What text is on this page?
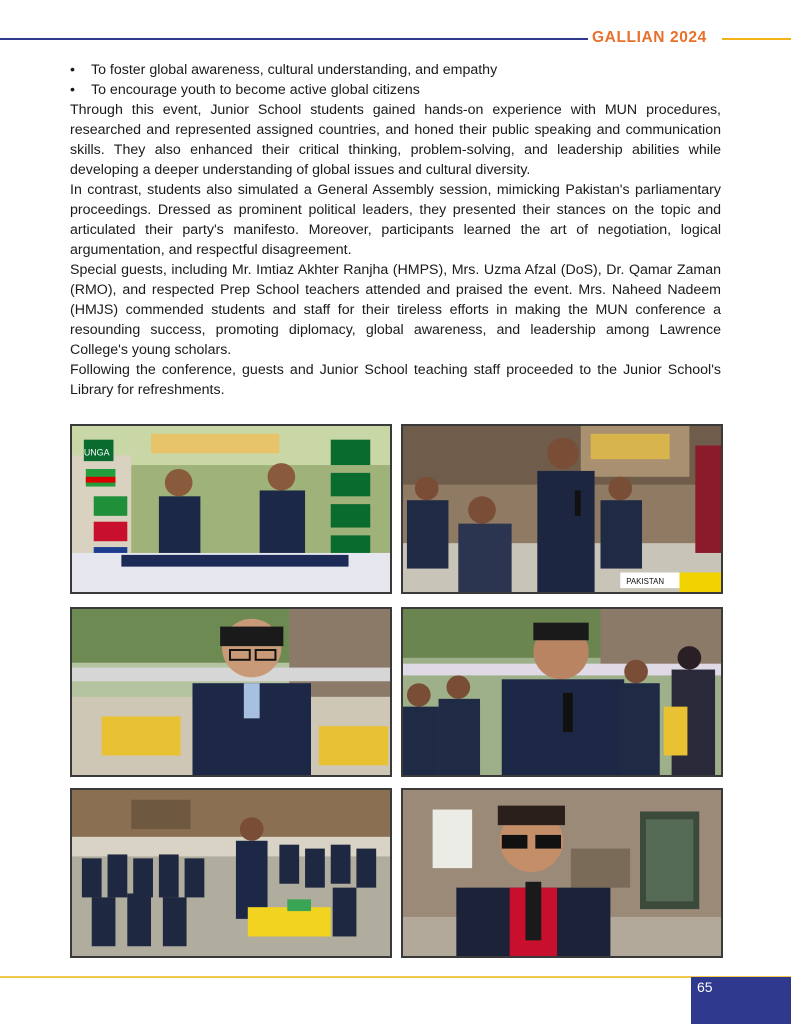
GALLIAN 2024
•	To foster global awareness, cultural understanding, and empathy
•	To encourage youth to become active global citizens
Through this event, Junior School students gained hands-on experience with MUN procedures, researched and represented assigned countries, and honed their public speaking and communication skills. They also enhanced their critical thinking, problem-solving, and leadership abilities while developing a deeper understanding of global issues and cultural diversity.
In contrast, students also simulated a General Assembly session, mimicking Pakistan's parliamentary proceedings. Dressed as prominent political leaders, they presented their stances on the topic and articulated their party's manifesto. Moreover, participants learned the art of negotiation, logical argumentation, and respectful disagreement.
Special guests, including Mr. Imtiaz Akhter Ranjha (HMPS), Mrs. Uzma Afzal (DoS), Dr. Qamar Zaman (RMO), and respected Prep School teachers attended and praised the event. Mrs. Naheed Nadeem (HMJS) commended students and staff for their tireless efforts in making the MUN conference a resounding success, promoting diplomacy, global awareness, and leadership among Lawrence College's young scholars.
Following the conference, guests and Junior School teaching staff proceeded to the Junior School's Library for refreshments.
UNGA
PAKISTAN
65
